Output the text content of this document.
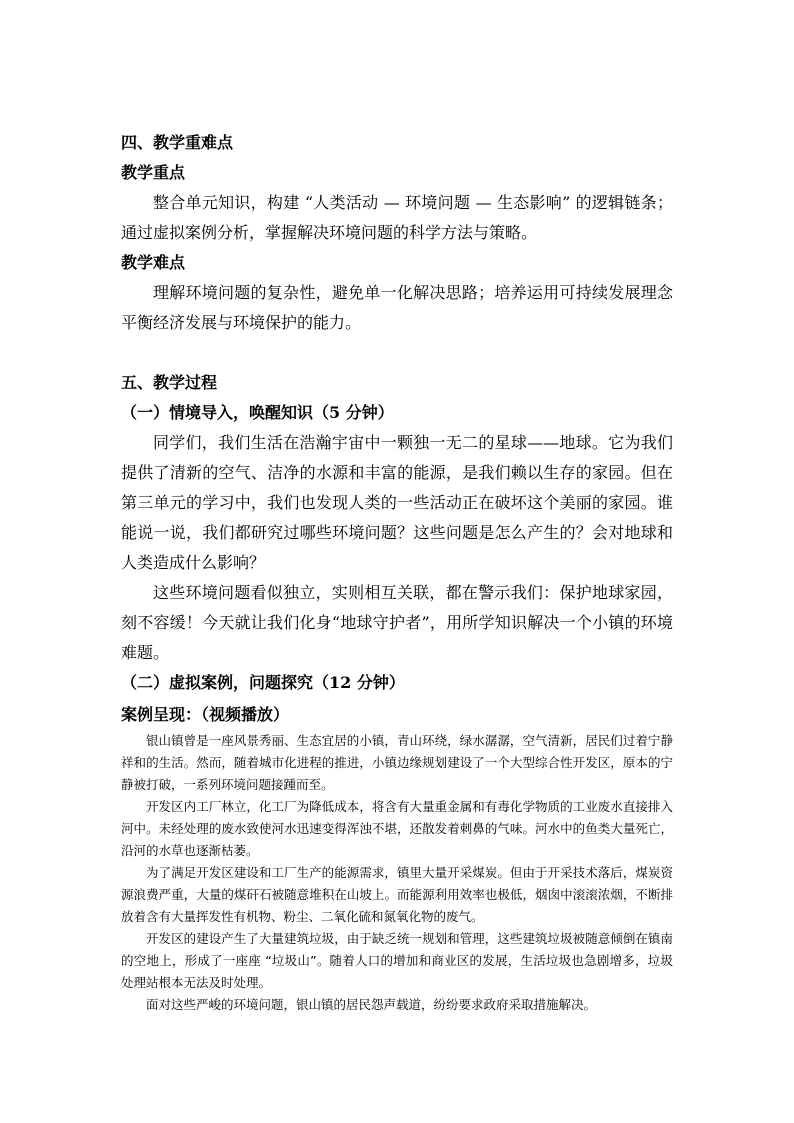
四、教学重难点

教学重点

整合单元知识，构建 “人类活动 — 环境问题 — 生态影响” 的逻辑链条；通过虚拟案例分析，掌握解决环境问题的科学方法与策略。

教学难点

理解环境问题的复杂性，避免单一化解决思路；培养运用可持续发展理念平衡经济发展与环境保护的能力。

五、教学过程

（一）情境导入，唤醒知识（5 分钟）

同学们，我们生活在浩瀚宇宙中一颗独一无二的星球——地球。它为我们提供了清新的空气、洁净的水源和丰富的能源，是我们赖以生存的家园。但在第三单元的学习中，我们也发现人类的一些活动正在破坏这个美丽的家园。谁能说一说，我们都研究过哪些环境问题？这些问题是怎么产生的？会对地球和人类造成什么影响？

这些环境问题看似独立，实则相互关联，都在警示我们：保护地球家园，刻不容缓！今天就让我们化身“地球守护者”，用所学知识解决一个小镇的环境难题。

（二）虚拟案例，问题探究（12 分钟）

案例呈现：（视频播放）

银山镇曾是一座风景秀丽、生态宜居的小镇，青山环绕，绿水潺潺，空气清新，居民们过着宁静祥和的生活。然而，随着城市化进程的推进，小镇边缘规划建设了一个大型综合性开发区，原本的宁静被打破，一系列环境问题接踵而至。

开发区内工厂林立，化工厂为降低成本，将含有大量重金属和有毒化学物质的工业废水直接排入河中。未经处理的废水致使河水迅速变得浑浊不堪，还散发着刺鼻的气味。河水中的鱼类大量死亡，沿河的水草也逐渐枯萎。

为了满足开发区建设和工厂生产的能源需求，镇里大量开采煤炭。但由于开采技术落后，煤炭资源浪费严重，大量的煤矸石被随意堆积在山坡上。而能源利用效率也极低，烟囱中滚滚浓烟，不断排放着含有大量挥发性有机物、粉尘、二氧化硫和氮氧化物的废气。

开发区的建设产生了大量建筑垃圾，由于缺乏统一规划和管理，这些建筑垃圾被随意倾倒在镇南的空地上，形成了一座座 “垃圾山”。随着人口的增加和商业区的发展，生活垃圾也急剧增多，垃圾处理站根本无法及时处理。

面对这些严峻的环境问题，银山镇的居民怨声载道，纷纷要求政府采取措施解决。
